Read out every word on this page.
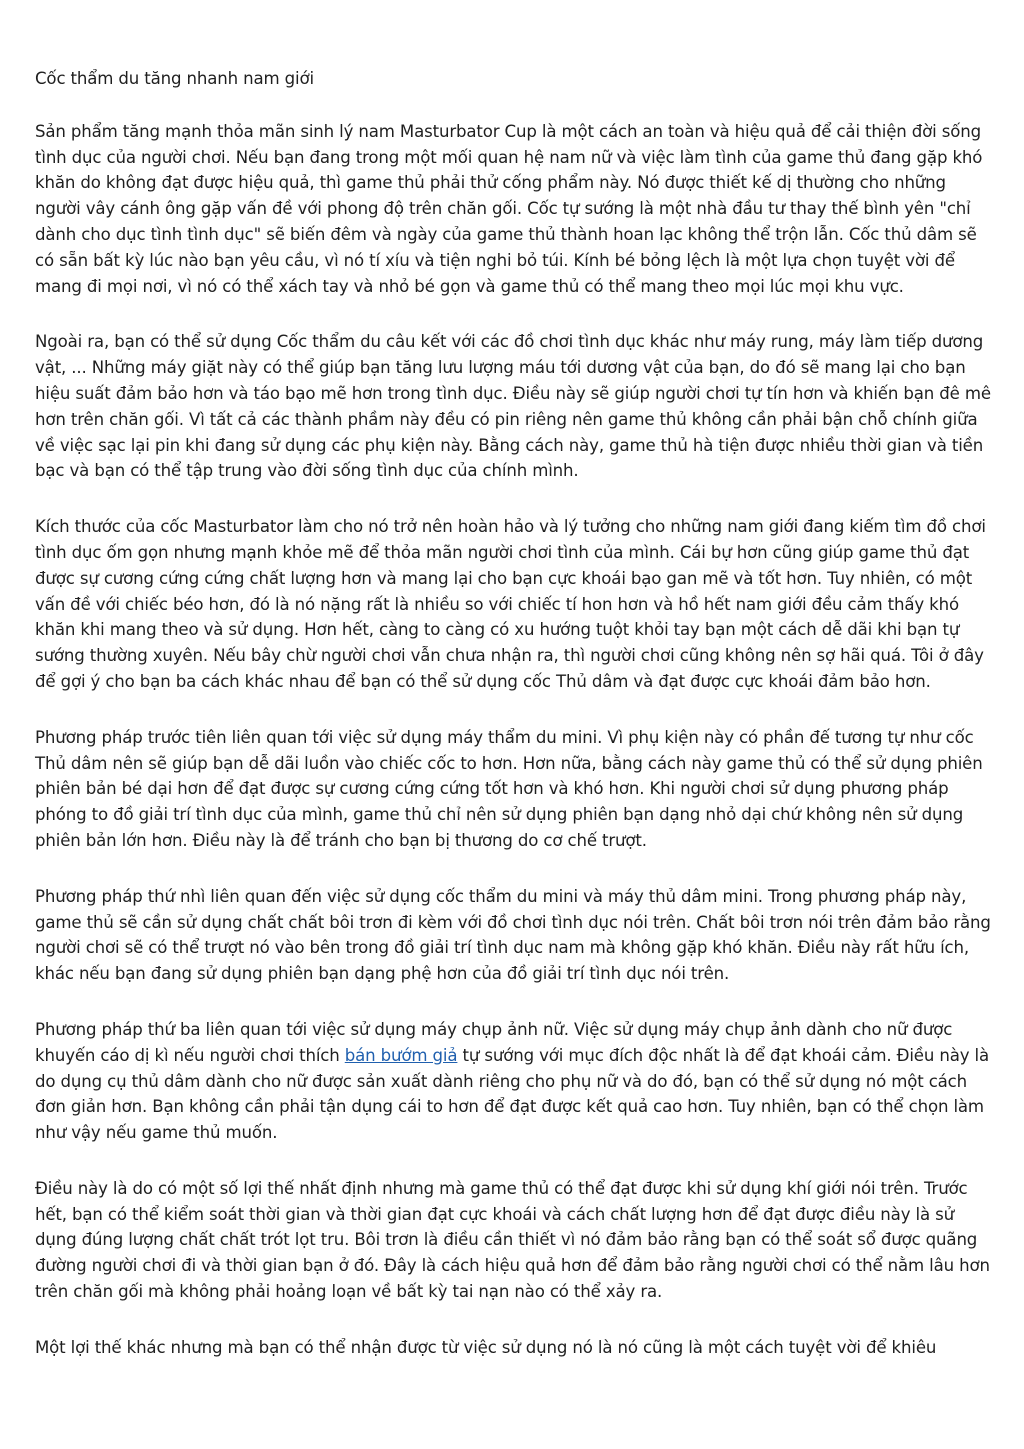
Cốc thẩm du tăng nhanh nam giới

Sản phẩm tăng mạnh thỏa mãn sinh lý nam Masturbator Cup là một cách an toàn và hiệu quả để cải thiện đời sống tình dục của người chơi. Nếu bạn đang trong một mối quan hệ nam nữ và việc làm tình của game thủ đang gặp khó khăn do không đạt được hiệu quả, thì game thủ phải thử cống phẩm này. Nó được thiết kế dị thường cho những người vây cánh ông gặp vấn đề với phong độ trên chăn gối. Cốc tự sướng là một nhà đầu tư thay thế bình yên "chỉ dành cho dục tình tình dục" sẽ biến đêm và ngày của game thủ thành hoan lạc không thể trộn lẫn. Cốc thủ dâm sẽ có sẵn bất kỳ lúc nào bạn yêu cầu, vì nó tí xíu và tiện nghi bỏ túi. Kính bé bỏng lệch là một lựa chọn tuyệt vời để mang đi mọi nơi, vì nó có thể xách tay và nhỏ bé gọn và game thủ có thể mang theo mọi lúc mọi khu vực.

Ngoài ra, bạn có thể sử dụng Cốc thẩm du câu kết với các đồ chơi tình dục khác như máy rung, máy làm tiếp dương vật, ... Những máy giặt này có thể giúp bạn tăng lưu lượng máu tới dương vật của bạn, do đó sẽ mang lại cho bạn hiệu suất đảm bảo hơn và táo bạo mẽ hơn trong tình dục. Điều này sẽ giúp người chơi tự tín hơn và khiến bạn đê mê hơn trên chăn gối. Vì tất cả các thành phầm này đều có pin riêng nên game thủ không cần phải bận chỗ chính giữa về việc sạc lại pin khi đang sử dụng các phụ kiện này. Bằng cách này, game thủ hà tiện được nhiều thời gian và tiền bạc và bạn có thể tập trung vào đời sống tình dục của chính mình.

Kích thước của cốc Masturbator làm cho nó trở nên hoàn hảo và lý tưởng cho những nam giới đang kiếm tìm đồ chơi tình dục ốm gọn nhưng mạnh khỏe mẽ để thỏa mãn người chơi tình của mình. Cái bự hơn cũng giúp game thủ đạt được sự cương cứng cứng chất lượng hơn và mang lại cho bạn cực khoái bạo gan mẽ và tốt hơn. Tuy nhiên, có một vấn đề với chiếc béo hơn, đó là nó nặng rất là nhiều so với chiếc tí hon hơn và hồ hết nam giới đều cảm thấy khó khăn khi mang theo và sử dụng. Hơn hết, càng to càng có xu hướng tuột khỏi tay bạn một cách dễ dãi khi bạn tự sướng thường xuyên. Nếu bây chừ người chơi vẫn chưa nhận ra, thì người chơi cũng không nên sợ hãi quá. Tôi ở đây để gợi ý cho bạn ba cách khác nhau để bạn có thể sử dụng cốc Thủ dâm và đạt được cực khoái đảm bảo hơn.

Phương pháp trước tiên liên quan tới việc sử dụng máy thẩm du mini. Vì phụ kiện này có phần đế tương tự như cốc Thủ dâm nên sẽ giúp bạn dễ dãi luồn vào chiếc cốc to hơn. Hơn nữa, bằng cách này game thủ có thể sử dụng phiên phiên bản bé dại hơn để đạt được sự cương cứng cứng tốt hơn và khó hơn. Khi người chơi sử dụng phương pháp phóng to đồ giải trí tình dục của mình, game thủ chỉ nên sử dụng phiên bạn dạng nhỏ dại chứ không nên sử dụng phiên bản lớn hơn. Điều này là để tránh cho bạn bị thương do cơ chế trượt.

Phương pháp thứ nhì liên quan đến việc sử dụng cốc thẩm du mini và máy thủ dâm mini. Trong phương pháp này, game thủ sẽ cần sử dụng chất chất bôi trơn đi kèm với đồ chơi tình dục nói trên. Chất bôi trơn nói trên đảm bảo rằng người chơi sẽ có thể trượt nó vào bên trong đồ giải trí tình dục nam mà không gặp khó khăn. Điều này rất hữu ích, khác nếu bạn đang sử dụng phiên bạn dạng phệ hơn của đồ giải trí tình dục nói trên.

Phương pháp thứ ba liên quan tới việc sử dụng máy chụp ảnh nữ. Việc sử dụng máy chụp ảnh dành cho nữ được khuyến cáo dị kì nếu người chơi thích bán bướm giả tự sướng với mục đích độc nhất là để đạt khoái cảm. Điều này là do dụng cụ thủ dâm dành cho nữ được sản xuất dành riêng cho phụ nữ và do đó, bạn có thể sử dụng nó một cách đơn giản hơn. Bạn không cần phải tận dụng cái to hơn để đạt được kết quả cao hơn. Tuy nhiên, bạn có thể chọn làm như vậy nếu game thủ muốn.

Điều này là do có một số lợi thế nhất định nhưng mà game thủ có thể đạt được khi sử dụng khí giới nói trên. Trước hết, bạn có thể kiểm soát thời gian và thời gian đạt cực khoái và cách chất lượng hơn để đạt được điều này là sử dụng đúng lượng chất chất trót lọt tru. Bôi trơn là điều cần thiết vì nó đảm bảo rằng bạn có thể soát sổ được quãng đường người chơi đi và thời gian bạn ở đó. Đây là cách hiệu quả hơn để đảm bảo rằng người chơi có thể nằm lâu hơn trên chăn gối mà không phải hoảng loạn về bất kỳ tai nạn nào có thể xảy ra.

Một lợi thế khác nhưng mà bạn có thể nhận được từ việc sử dụng nó là nó cũng là một cách tuyệt vời để khiêu
